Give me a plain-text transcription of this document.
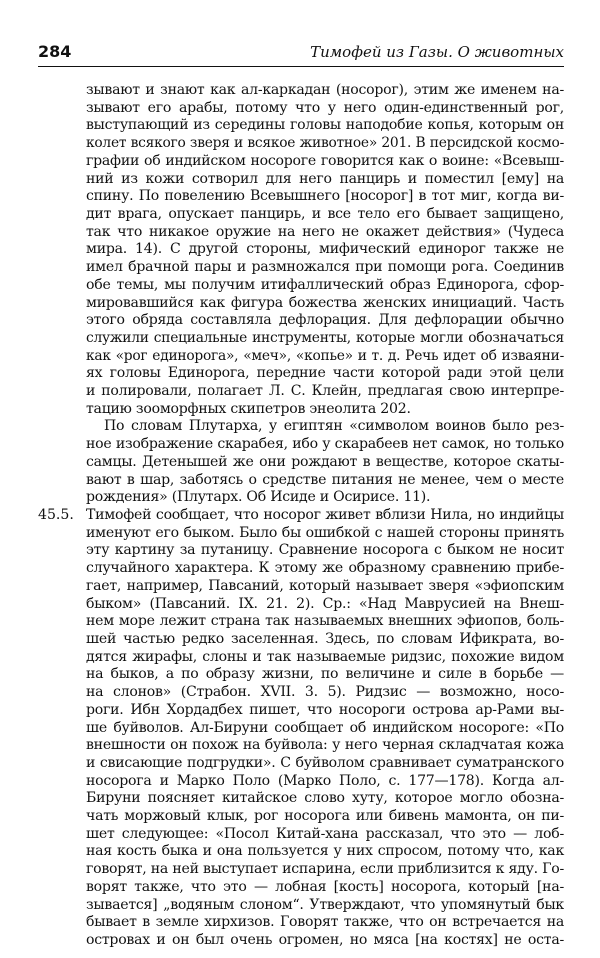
284	Тимофей из Газы. О животных
зывают и знают как ал-каркадан (носорог), этим же именем на-
зывают его арабы, потому что у него один-единственный рог,
выступающий из середины головы наподобие копья, которым он
колет всякого зверя и всякое животное» 201. В персидской космо-
графии об индийском носороге говорится как о воине: «Всевыш-
ний из кожи сотворил для него панцирь и поместил [ему] на
спину. По повелению Всевышнего [носорог] в тот миг, когда ви-
дит врага, опускает панцирь, и все тело его бывает защищено,
так что никакое оружие на него не окажет действия» (Чудеса
мира. 14). С другой стороны, мифический единорог также не
имел брачной пары и размножался при помощи рога. Соединив
обе темы, мы получим итифаллический образ Единорога, сфор-
мировавшийся как фигура божества женских инициаций. Часть
этого обряда составляла дефлорация. Для дефлорации обычно
служили специальные инструменты, которые могли обозначаться
как «рог единорога», «меч», «копье» и т. д. Речь идет об изваяни-
ях головы Единорога, передние части которой ради этой цели
и полировали, полагает Л. С. Клейн, предлагая свою интерпре-
тацию зооморфных скипетров энеолита 202.
По словам Плутарха, у египтян «символом воинов было рез-
ное изображение скарабея, ибо у скарабеев нет самок, но только
самцы. Детенышей же они рождают в веществе, которое скаты-
вают в шар, заботясь о средстве питания не менее, чем о месте
рождения» (Плутарх. Об Исиде и Осирисе. 11).
45.5. Тимофей сообщает, что носорог живет вблизи Нила, но индийцы
именуют его быком. Было бы ошибкой с нашей стороны принять
эту картину за путаницу. Сравнение носорога с быком не носит
случайного характера. К этому же образному сравнению прибе-
гает, например, Павсаний, который называет зверя «эфиопским
быком» (Павсаний. IX. 21. 2). Ср.: «Над Маврусией на Внеш-
нем море лежит страна так называемых внешних эфиопов, боль-
шей частью редко заселенная. Здесь, по словам Ификрата, во-
дятся жирафы, слоны и так называемые ридзис, похожие видом
на быков, а по образу жизни, по величине и силе в борьбе —
на слонов» (Страбон. XVII. 3. 5). Ридзис — возможно, носо-
роги. Ибн Хордадбех пишет, что носороги острова ар-Рами вы-
ше буйволов. Ал-Бируни сообщает об индийском носороге: «По
внешности он похож на буйвола: у него черная складчатая кожа
и свисающие подгрудки». С буйволом сравнивает суматранского
носорога и Марко Поло (Марко Поло, с. 177—178). Когда ал-
Бируни поясняет китайское слово хуту, которое могло обозна-
чать моржовый клык, рог носорога или бивень мамонта, он пи-
шет следующее: «Посол Китай-хана рассказал, что это — лоб-
ная кость быка и она пользуется у них спросом, потому что, как
говорят, на ней выступает испарина, если приблизится к яду. Го-
ворят также, что это — лобная [кость] носорога, который [на-
зывается] „водяным слоном“. Утверждают, что упомянутый бык
бывает в земле хирхизов. Говорят также, что он встречается на
островах и он был очень огромен, но мяса [на костях] не оста-
